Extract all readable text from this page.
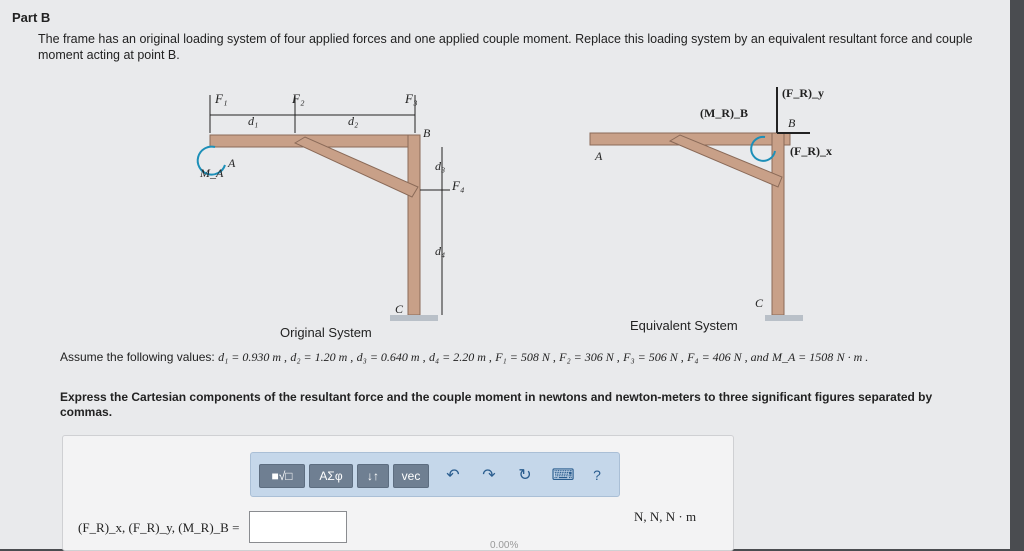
Part B
The frame has an original loading system of four applied forces and one applied couple moment. Replace this loading system by an equivalent resultant force and couple moment acting at point B.
F₁	F₂	F₃
F₄
d₁	d₂
d₃
d₄
M_A
A
B
C
A
B
C
(F_R)_y
(F_R)_x
(M_R)_B
Original System	Equivalent System
Assume the following values: d₁ = 0.930 m , d₂ = 1.20 m , d₃ = 0.640 m , d₄ = 2.20 m , F₁ = 508 N , F₂ = 306 N , F₃ = 506 N , F₄ = 406 N , and M_A = 1508 N · m .
Express the Cartesian components of the resultant force and the couple moment in newtons and newton-meters to three significant figures separated by commas.
■√□	AΣφ	↓↑	vec	↶	↷	↻	⌨	?
(F_R)_x, (F_R)_y, (M_R)_B =
N, N, N · m
0.00%
